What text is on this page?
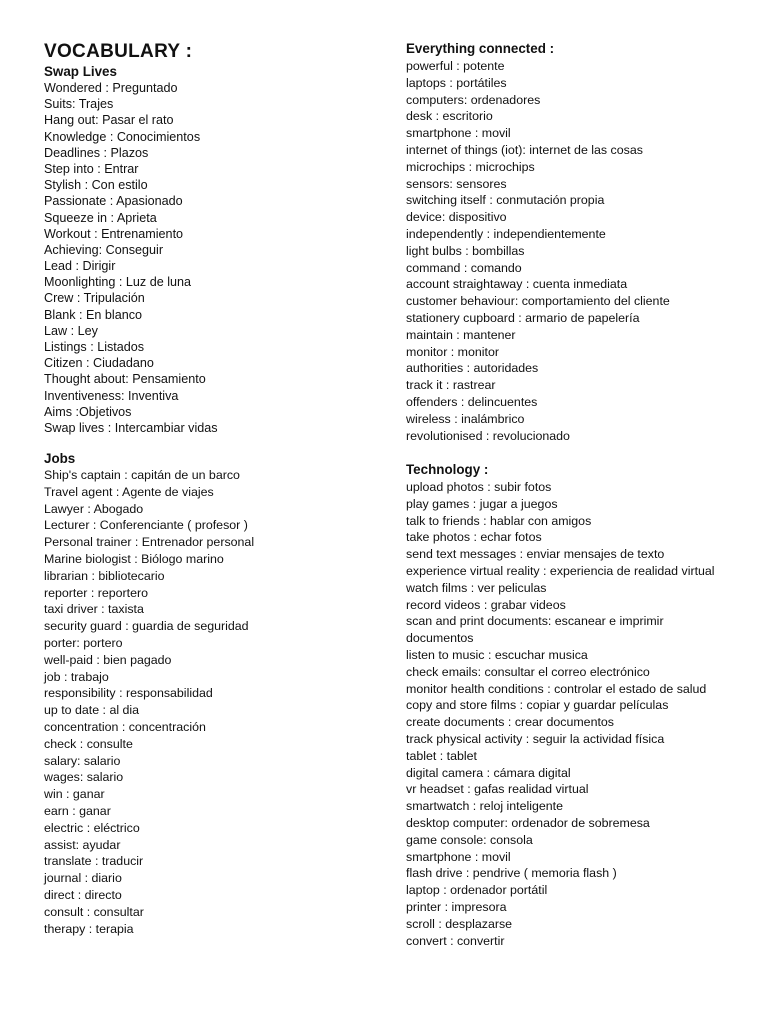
VOCABULARY :
Swap Lives
Wondered : Preguntado
Suits: Trajes
Hang out: Pasar el rato
Knowledge : Conocimientos
Deadlines : Plazos
Step into : Entrar
Stylish : Con estilo
Passionate : Apasionado
Squeeze in : Aprieta
Workout : Entrenamiento
Achieving: Conseguir
Lead : Dirigir
Moonlighting : Luz de luna
Crew : Tripulación
Blank : En blanco
Law : Ley
Listings : Listados
Citizen : Ciudadano
Thought about: Pensamiento
Inventiveness: Inventiva
Aims :Objetivos
Swap lives : Intercambiar vidas
Jobs
Ship's captain : capitán de un barco
Travel agent : Agente de viajes
Lawyer : Abogado
Lecturer : Conferenciante ( profesor )
Personal trainer : Entrenador personal
Marine biologist : Biólogo marino
librarian : bibliotecario
reporter : reportero
taxi driver : taxista
security guard : guardia de seguridad
porter: portero
well-paid : bien pagado
job : trabajo
responsibility : responsabilidad
up to date : al dia
concentration : concentración
check : consulte
salary: salario
wages: salario
win : ganar
earn : ganar
electric : eléctrico
assist: ayudar
translate : traducir
journal : diario
direct : directo
consult : consultar
therapy : terapia
Everything connected :
powerful : potente
laptops : portátiles
computers: ordenadores
desk : escritorio
smartphone : movil
internet of things (iot): internet de las cosas
microchips : microchips
sensors: sensores
switching itself : conmutación propia
device: dispositivo
independently : independientemente
light bulbs : bombillas
command : comando
account straightaway : cuenta inmediata
customer behaviour: comportamiento del cliente
stationery cupboard : armario de papelería
maintain : mantener
monitor : monitor
authorities : autoridades
track it : rastrear
offenders : delincuentes
wireless : inalámbrico
revolutionised : revolucionado
Technology :
upload photos : subir fotos
play games : jugar a juegos
talk to friends : hablar con amigos
take photos : echar fotos
send text messages : enviar mensajes de texto
experience virtual reality : experiencia de realidad virtual
watch films : ver peliculas
record videos : grabar videos
scan and print documents: escanear e imprimir documentos
listen to music : escuchar musica
check emails: consultar el correo electrónico
monitor health conditions : controlar el estado de salud
copy and store films : copiar y guardar películas
create documents : crear documentos
track physical activity : seguir la actividad física
tablet : tablet
digital camera : cámara digital
vr headset : gafas realidad virtual
smartwatch : reloj inteligente
desktop computer: ordenador de sobremesa
game console: consola
smartphone : movil
flash drive : pendrive ( memoria flash )
laptop : ordenador portátil
printer : impresora
scroll : desplazarse
convert : convertir
